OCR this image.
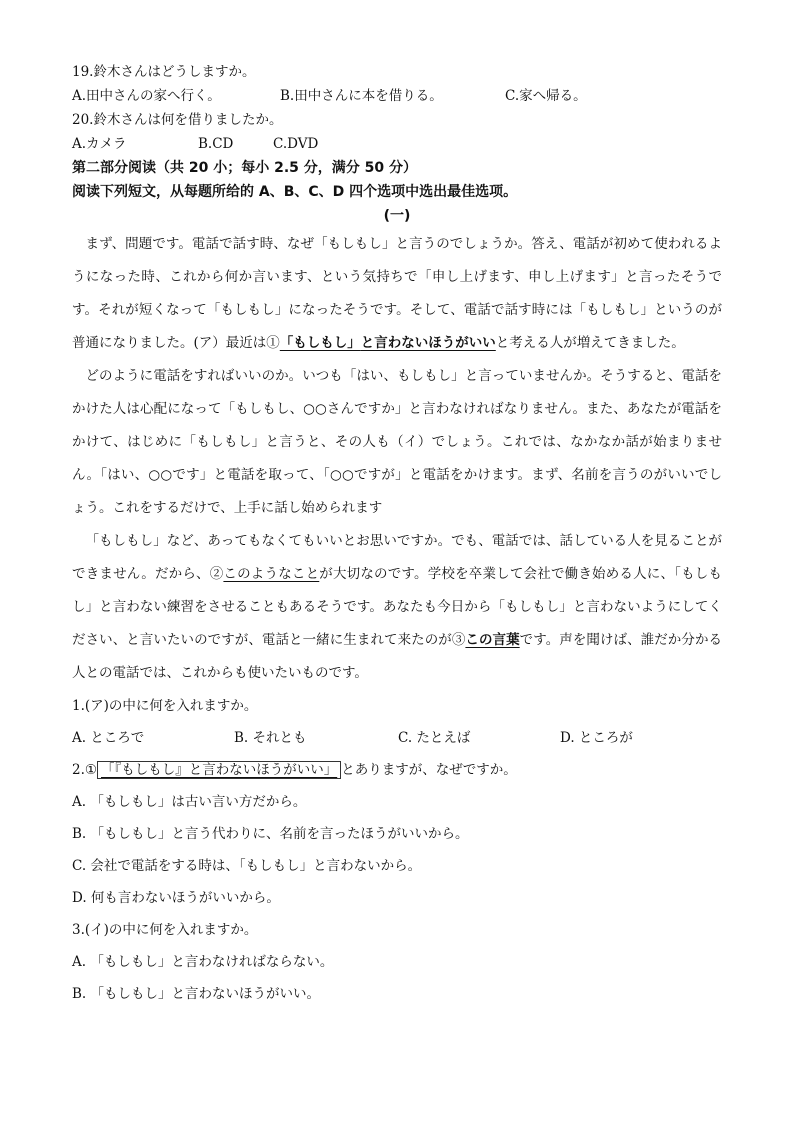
19.鈴木さんはどうしますか。
A.田中さんの家へ行く。	B.田中さんに本を借りる。	C.家へ帰る。
20.鈴木さんは何を借りましたか。
A.カメラ	B.CD	C.DVD
第二部分阅读（共 20 小；每小 2.5 分，满分 50 分）
阅读下列短文，从每题所给的 A、B、C、D 四个选项中选出最佳选项。
(一)
まず、問題です。電話で話す時、なぜ「もしもし」と言うのでしょうか。答え、電話が初めて使われるようになった時、これから何か言います、という気持ちで「申し上げます、申し上げます」と言ったそうです。それが短くなって「もしもし」になったそうです。そして、電話で話す時には「もしもし」というのが普通になりました。(ア）最近は①「もしもし」と言わないほうがいいと考える人が増えてきました。
どのように電話をすればいいのか。いつも「はい、もしもし」と言っていませんか。そうすると、電話をかけた人は心配になって「もしもし、○○さんですか」と言わなければなりません。また、あなたが電話をかけて、はじめに「もしもし」と言うと、その人も（イ）でしょう。これでは、なかなか話が始まりません。「はい、○○です」と電話を取って、「○○ですが」と電話をかけます。まず、名前を言うのがいいでしょう。これをするだけで、上手に話し始められます
「もしもし」など、あってもなくてもいいとお思いですか。でも、電話では、話している人を見ることができません。だから、②このようなことが大切なのです。学校を卒業して会社で働き始める人に、「もしもし」と言わない練習をさせることもあるそうです。あなたも今日から「もしもし」と言わないようにしてください、と言いたいのですが、電話と一緒に生まれて来たのが③この言葉です。声を聞けば、誰だか分かる人との電話では、これからも使いたいものです。
1.(ア)の中に何を入れますか。
A. ところで	B. それとも	C. たとえば	D. ところが
2.① 「『もしもし』と言わないほうがいい」 とありますが、なぜですか。
A. 「もしもし」は古い言い方だから。
B. 「もしもし」と言う代わりに、名前を言ったほうがいいから。
C. 会社で電話をする時は、「もしもし」と言わないから。
D. 何も言わないほうがいいから。
3.(イ)の中に何を入れますか。
A. 「もしもし」と言わなければならない。
B. 「もしもし」と言わないほうがいい。
